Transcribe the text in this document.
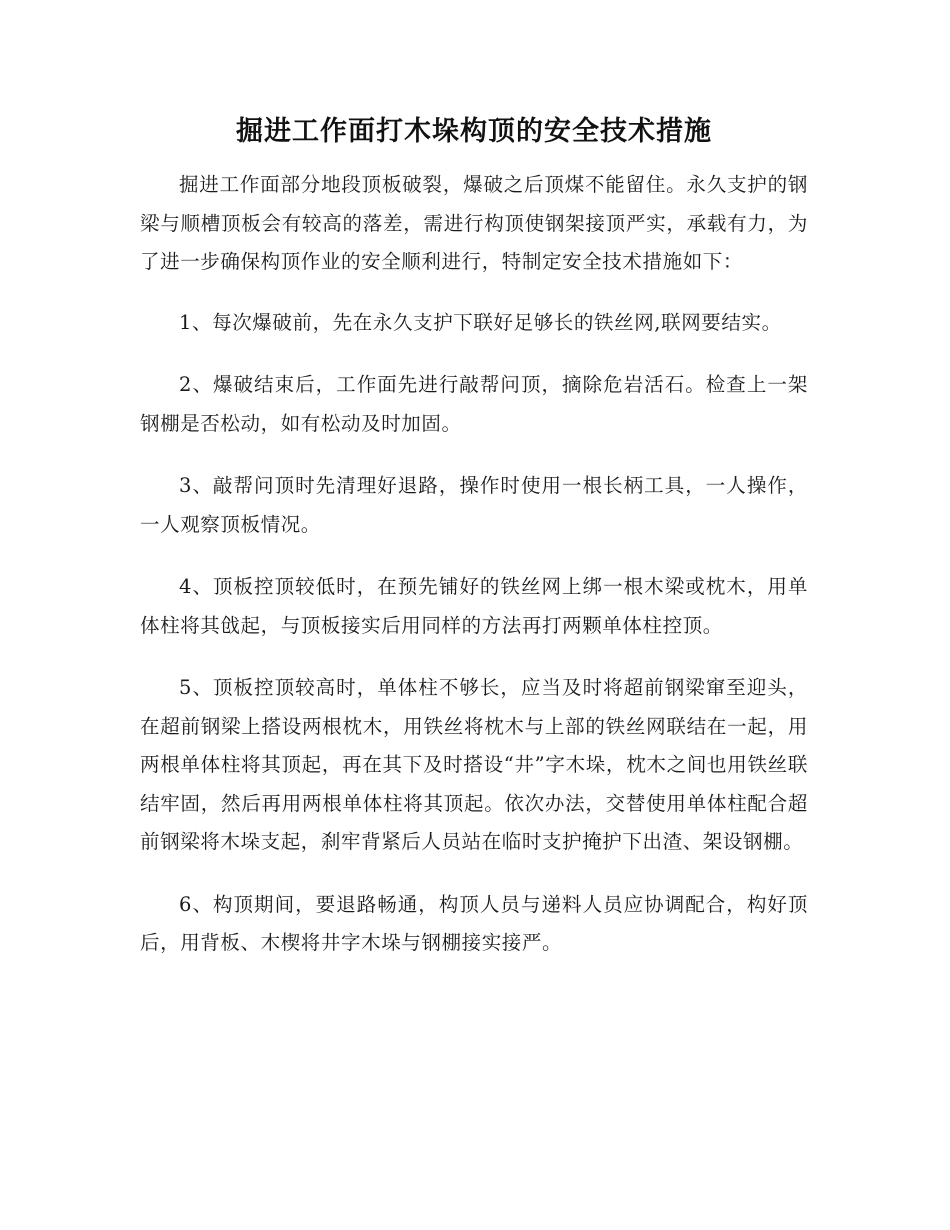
掘进工作面打木垛构顶的安全技术措施

掘进工作面部分地段顶板破裂，爆破之后顶煤不能留住。永久支护的钢梁与顺槽顶板会有较高的落差，需进行构顶使钢架接顶严实，承载有力，为了进一步确保构顶作业的安全顺利进行，特制定安全技术措施如下：

1、每次爆破前，先在永久支护下联好足够长的铁丝网,联网要结实。

2、爆破结束后，工作面先进行敲帮问顶，摘除危岩活石。检查上一架钢棚是否松动，如有松动及时加固。

3、敲帮问顶时先清理好退路，操作时使用一根长柄工具，一人操作，一人观察顶板情况。

4、顶板控顶较低时，在预先铺好的铁丝网上绑一根木梁或枕木，用单体柱将其戗起，与顶板接实后用同样的方法再打两颗单体柱控顶。

5、顶板控顶较高时，单体柱不够长，应当及时将超前钢梁窜至迎头，在超前钢梁上搭设两根枕木，用铁丝将枕木与上部的铁丝网联结在一起，用两根单体柱将其顶起，再在其下及时搭设“井”字木垛，枕木之间也用铁丝联结牢固，然后再用两根单体柱将其顶起。依次办法，交替使用单体柱配合超前钢梁将木垛支起，刹牢背紧后人员站在临时支护掩护下出渣、架设钢棚。

6、构顶期间，要退路畅通，构顶人员与递料人员应协调配合，构好顶后，用背板、木楔将井字木垛与钢棚接实接严。
